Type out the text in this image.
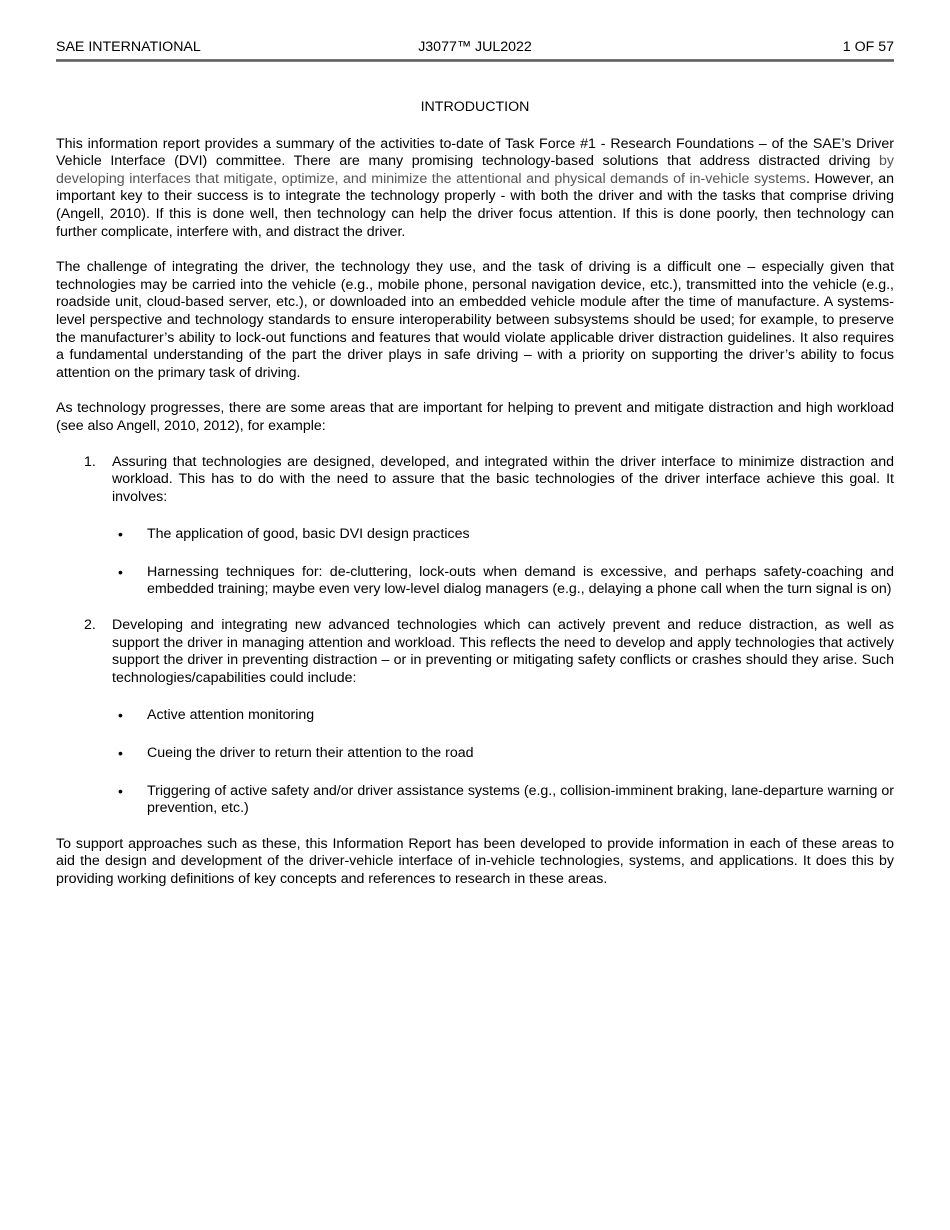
SAE INTERNATIONAL	J3077™ JUL2022	1 OF 57
INTRODUCTION

This information report provides a summary of the activities to-date of Task Force #1 - Research Foundations – of the SAE’s Driver Vehicle Interface (DVI) committee. There are many promising technology-based solutions that address distracted driving by developing interfaces that mitigate, optimize, and minimize the attentional and physical demands of in-vehicle systems. However, an important key to their success is to integrate the technology properly - with both the driver and with the tasks that comprise driving (Angell, 2010). If this is done well, then technology can help the driver focus attention. If this is done poorly, then technology can further complicate, interfere with, and distract the driver.

The challenge of integrating the driver, the technology they use, and the task of driving is a difficult one – especially given that technologies may be carried into the vehicle (e.g., mobile phone, personal navigation device, etc.), transmitted into the vehicle (e.g., roadside unit, cloud-based server, etc.), or downloaded into an embedded vehicle module after the time of manufacture. A systems-level perspective and technology standards to ensure interoperability between subsystems should be used; for example, to preserve the manufacturer’s ability to lock-out functions and features that would violate applicable driver distraction guidelines. It also requires a fundamental understanding of the part the driver plays in safe driving – with a priority on supporting the driver’s ability to focus attention on the primary task of driving.

As technology progresses, there are some areas that are important for helping to prevent and mitigate distraction and high workload (see also Angell, 2010, 2012), for example:

1. Assuring that technologies are designed, developed, and integrated within the driver interface to minimize distraction and workload. This has to do with the need to assure that the basic technologies of the driver interface achieve this goal. It involves:
• The application of good, basic DVI design practices
• Harnessing techniques for: de-cluttering, lock-outs when demand is excessive, and perhaps safety-coaching and embedded training; maybe even very low-level dialog managers (e.g., delaying a phone call when the turn signal is on)
2. Developing and integrating new advanced technologies which can actively prevent and reduce distraction, as well as support the driver in managing attention and workload. This reflects the need to develop and apply technologies that actively support the driver in preventing distraction – or in preventing or mitigating safety conflicts or crashes should they arise. Such technologies/capabilities could include:
• Active attention monitoring
• Cueing the driver to return their attention to the road
• Triggering of active safety and/or driver assistance systems (e.g., collision-imminent braking, lane-departure warning or prevention, etc.)

To support approaches such as these, this Information Report has been developed to provide information in each of these areas to aid the design and development of the driver-vehicle interface of in-vehicle technologies, systems, and applications. It does this by providing working definitions of key concepts and references to research in these areas.
